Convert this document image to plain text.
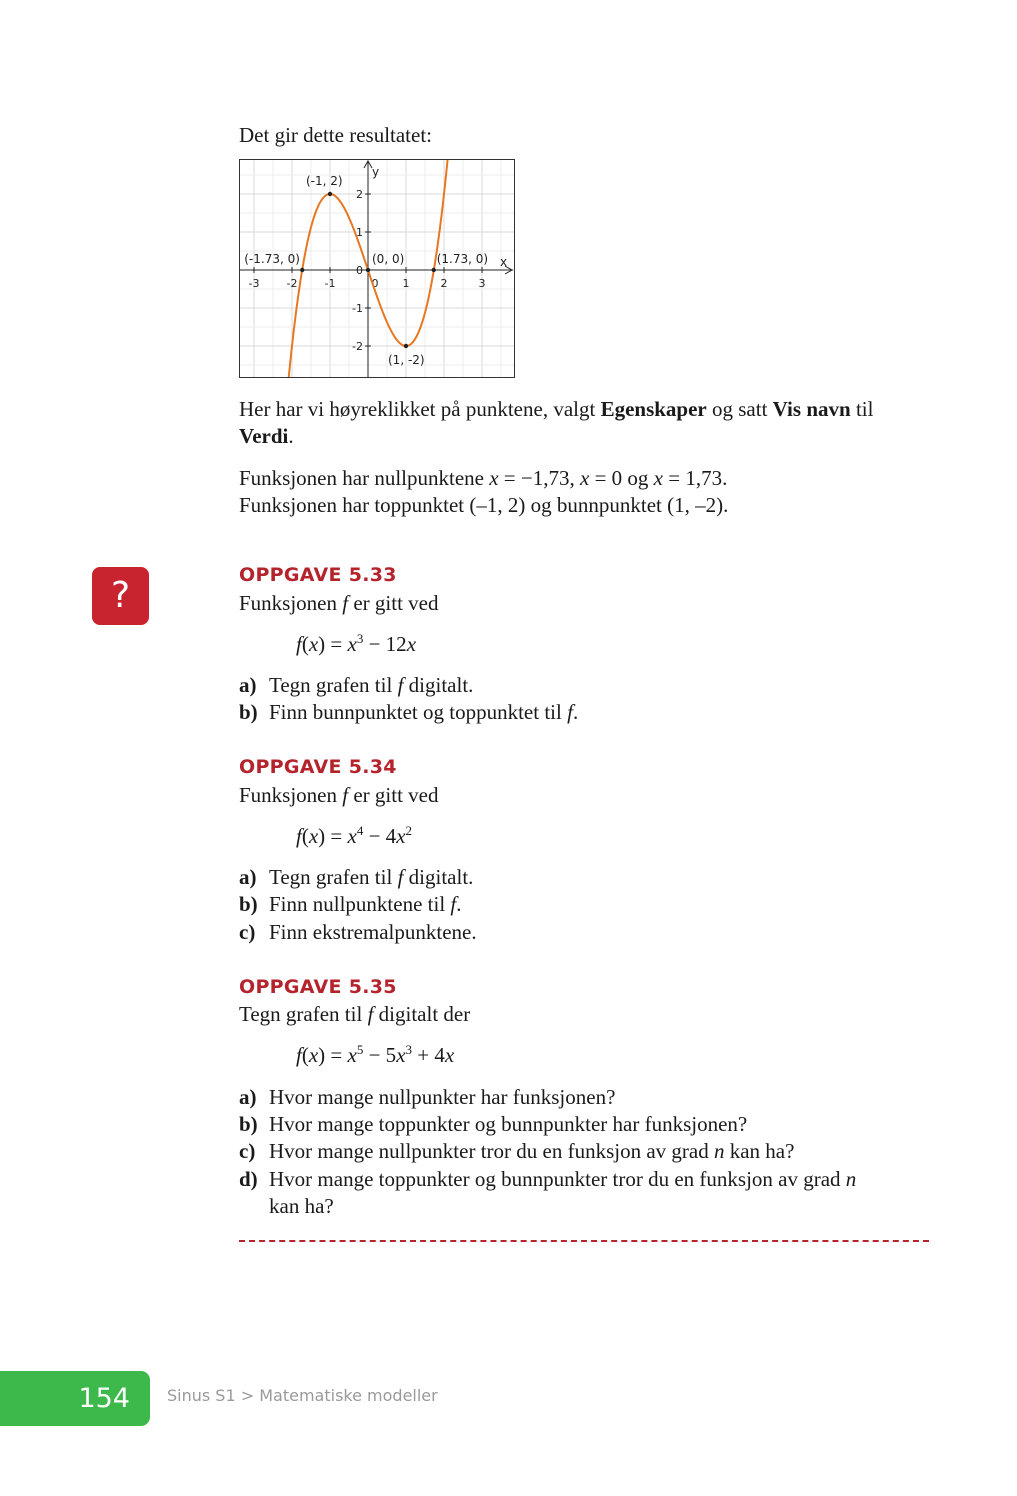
Det gir dette resultatet:
x
y
-3 -2 -1	0 1	2	3
2
1
0
-1
-2
(-1, 2)
(-1.73, 0)	(0, 0)	(1.73, 0)
(1, -2)
Her har vi høyreklikket på punktene, valgt Egenskaper og satt Vis navn til
Verdi.
Funksjonen har nullpunktene x = −1,73, x = 0 og x = 1,73.
Funksjonen har toppunktet (–1, 2) og bunnpunktet (1, –2).
?	OPPGAVE 5.33
Funksjonen f er gitt ved
$f(x) = x^3 - 12x$
a) Tegn grafen til f digitalt.
b) Finn bunnpunktet og toppunktet til f.
OPPGAVE 5.34
Funksjonen f er gitt ved
$f(x) = x^4 - 4x^2$
a) Tegn grafen til f digitalt.
b) Finn nullpunktene til f.
c) Finn ekstremalpunktene.
OPPGAVE 5.35
Tegn grafen til f digitalt der
$f(x) = x^5 - 5x^3 + 4x$
a) Hvor mange nullpunkter har funksjonen?
b) Hvor mange toppunkter og bunnpunkter har funksjonen?
c) Hvor mange nullpunkter tror du en funksjon av grad n kan ha?
d) Hvor mange toppunkter og bunnpunkter tror du en funksjon av grad n
kan ha?
154	Sinus S1 > Matematiske modeller
